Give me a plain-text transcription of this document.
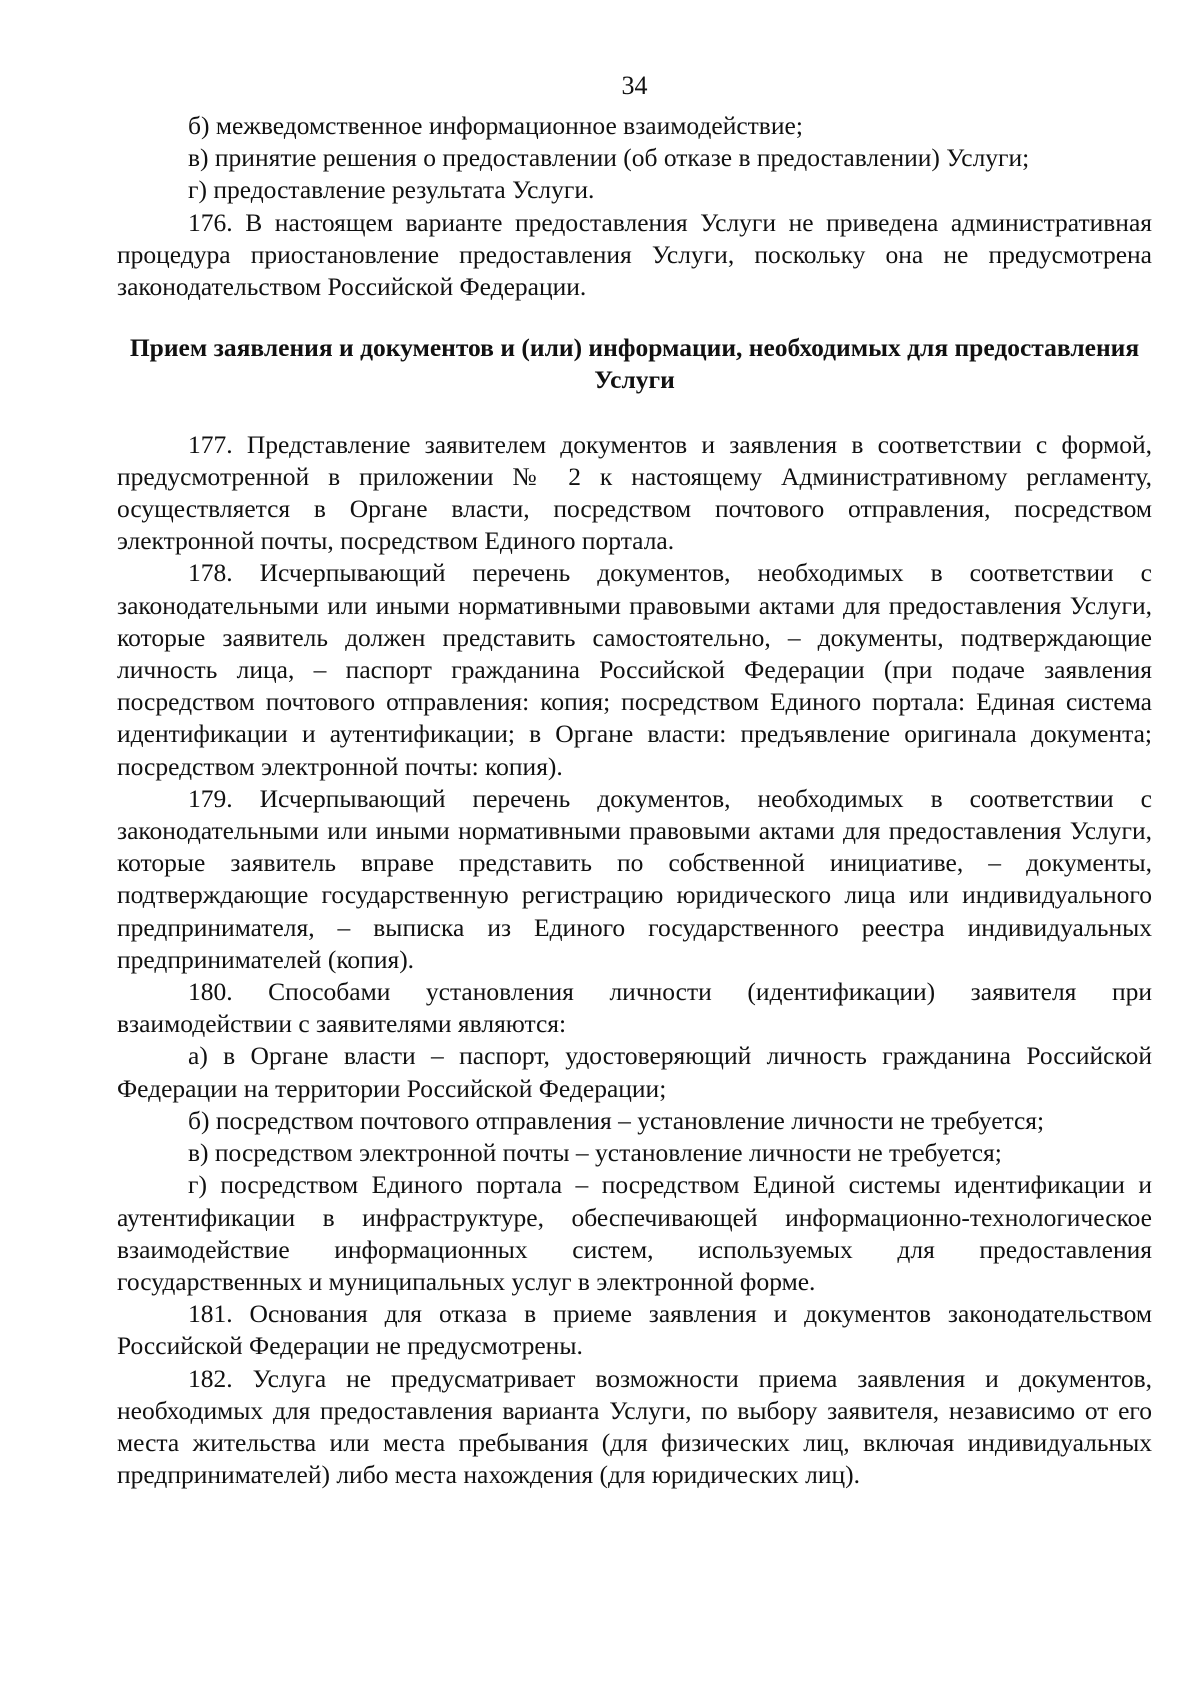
34

б) межведомственное информационное взаимодействие;

в) принятие решения о предоставлении (об отказе в предоставлении) Услуги;

г) предоставление результата Услуги.

176. В настоящем варианте предоставления Услуги не приведена административная процедура приостановление предоставления Услуги, поскольку она не предусмотрена законодательством Российской Федерации.

Прием заявления и документов и (или) информации, необходимых для предоставления Услуги

177. Представление заявителем документов и заявления в соответствии с формой, предусмотренной в приложении № 2 к настоящему Административному регламенту, осуществляется в Органе власти, посредством почтового отправления, посредством электронной почты, посредством Единого портала.

178. Исчерпывающий перечень документов, необходимых в соответствии с законодательными или иными нормативными правовыми актами для предоставления Услуги, которые заявитель должен представить самостоятельно, – документы, подтверждающие личность лица, – паспорт гражданина Российской Федерации (при подаче заявления посредством почтового отправления: копия; посредством Единого портала: Единая система идентификации и аутентификации; в Органе власти: предъявление оригинала документа; посредством электронной почты: копия).

179. Исчерпывающий перечень документов, необходимых в соответствии с законодательными или иными нормативными правовыми актами для предоставления Услуги, которые заявитель вправе представить по собственной инициативе, – документы, подтверждающие государственную регистрацию юридического лица или индивидуального предпринимателя, – выписка из Единого государственного реестра индивидуальных предпринимателей (копия).

180. Способами установления личности (идентификации) заявителя при взаимодействии с заявителями являются:

а) в Органе власти – паспорт, удостоверяющий личность гражданина Российской Федерации на территории Российской Федерации;

б) посредством почтового отправления – установление личности не требуется;

в) посредством электронной почты – установление личности не требуется;

г) посредством Единого портала – посредством Единой системы идентификации и аутентификации в инфраструктуре, обеспечивающей информационно-технологическое взаимодействие информационных систем, используемых для предоставления государственных и муниципальных услуг в электронной форме.

181. Основания для отказа в приеме заявления и документов законодательством Российской Федерации не предусмотрены.

182. Услуга не предусматривает возможности приема заявления и документов, необходимых для предоставления варианта Услуги, по выбору заявителя, независимо от его места жительства или места пребывания (для физических лиц, включая индивидуальных предпринимателей) либо места нахождения (для юридических лиц).
